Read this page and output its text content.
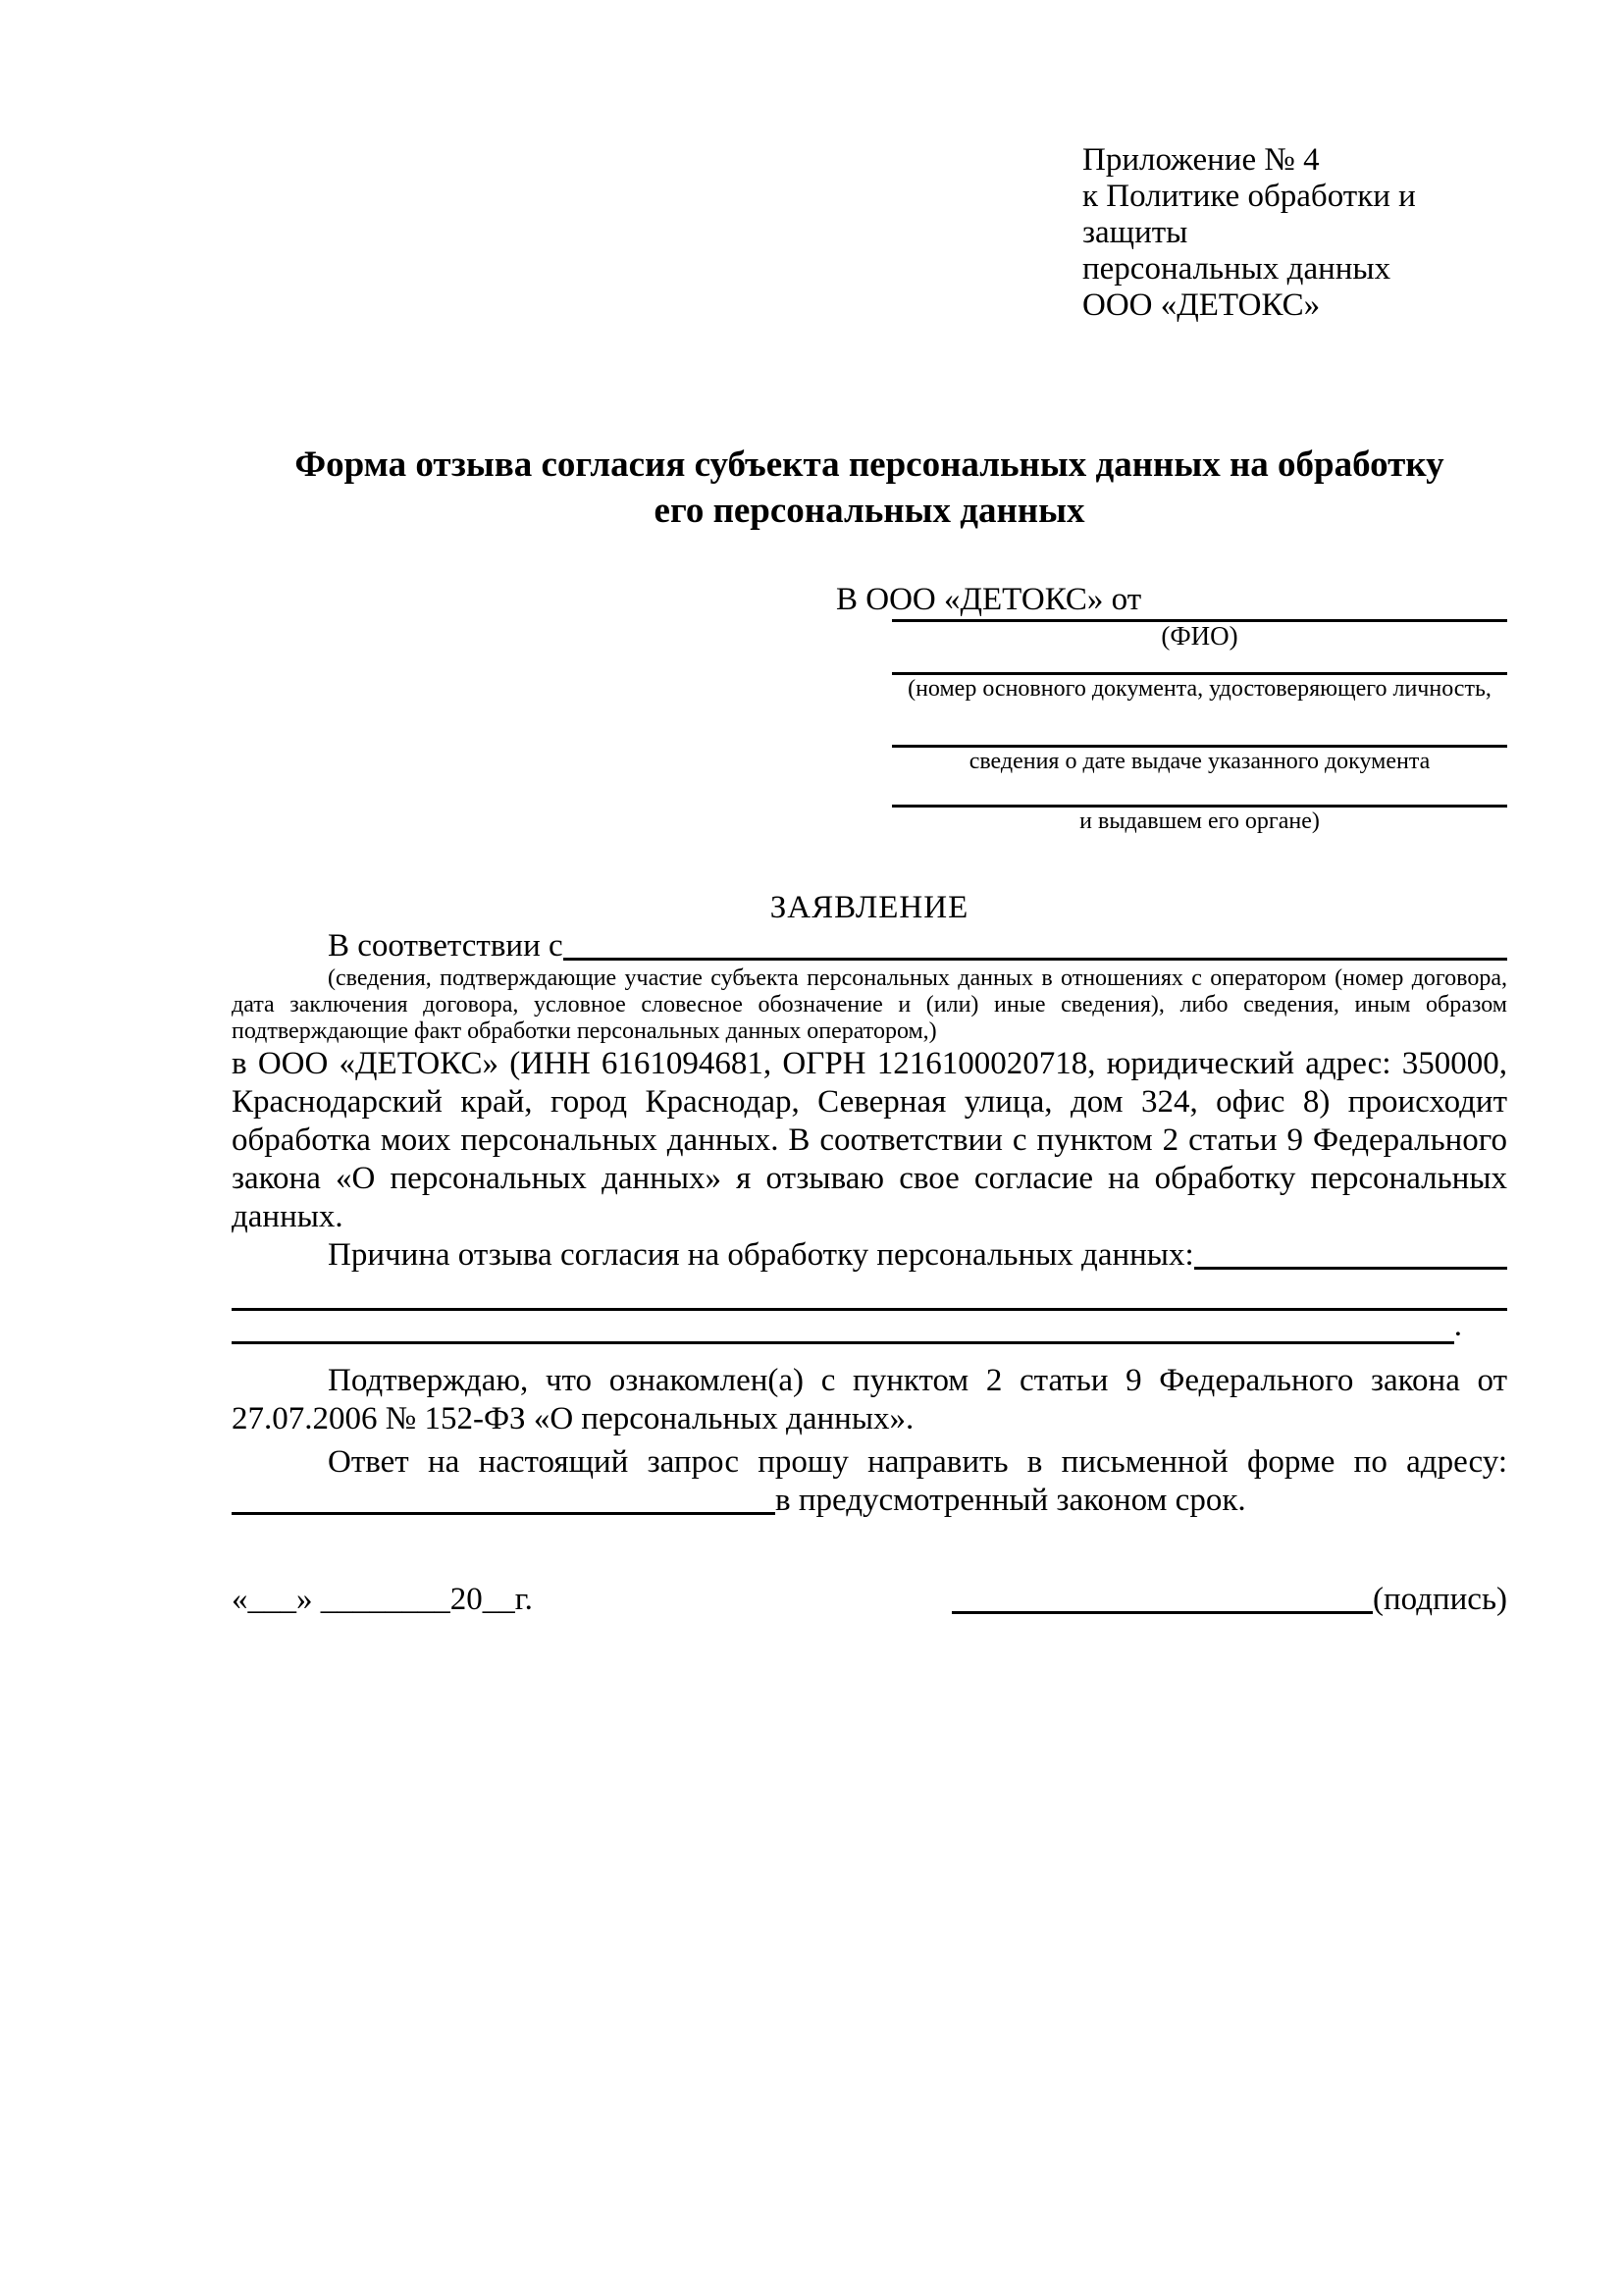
Приложение № 4
к Политике обработки и защиты
персональных данных
ООО «ДЕТОКС»
Форма отзыва согласия субъекта персональных данных на обработку
его персональных данных
В ООО «ДЕТОКС» от
(ФИО)
(номер основного документа, удостоверяющего личность,
сведения о дате выдаче указанного документа
и выдавшем его органе)
ЗАЯВЛЕНИЕ
В соответствии с
(сведения, подтверждающие участие субъекта персональных данных в отношениях с оператором (номер договора, дата заключения договора, условное словесное обозначение и (или) иные сведения), либо сведения, иным образом подтверждающие факт обработки персональных данных оператором,)
в ООО «ДЕТОКС» (ИНН 6161094681, ОГРН 1216100020718, юридический адрес: 350000, Краснодарский край, город Краснодар, Северная улица, дом 324, офис 8) происходит обработка моих персональных данных. В соответствии с пунктом 2 статьи 9 Федерального закона «О персональных данных» я отзываю свое согласие на обработку персональных данных.
Причина отзыва согласия на обработку персональных данных:
.
Подтверждаю, что ознакомлен(а) с пунктом 2 статьи 9 Федерального закона от 27.07.2006 № 152-ФЗ «О персональных данных».
Ответ на настоящий запрос прошу направить в письменной форме по адресу:
в предусмотренный законом срок.
«___» ________20__г.	(подпись)
